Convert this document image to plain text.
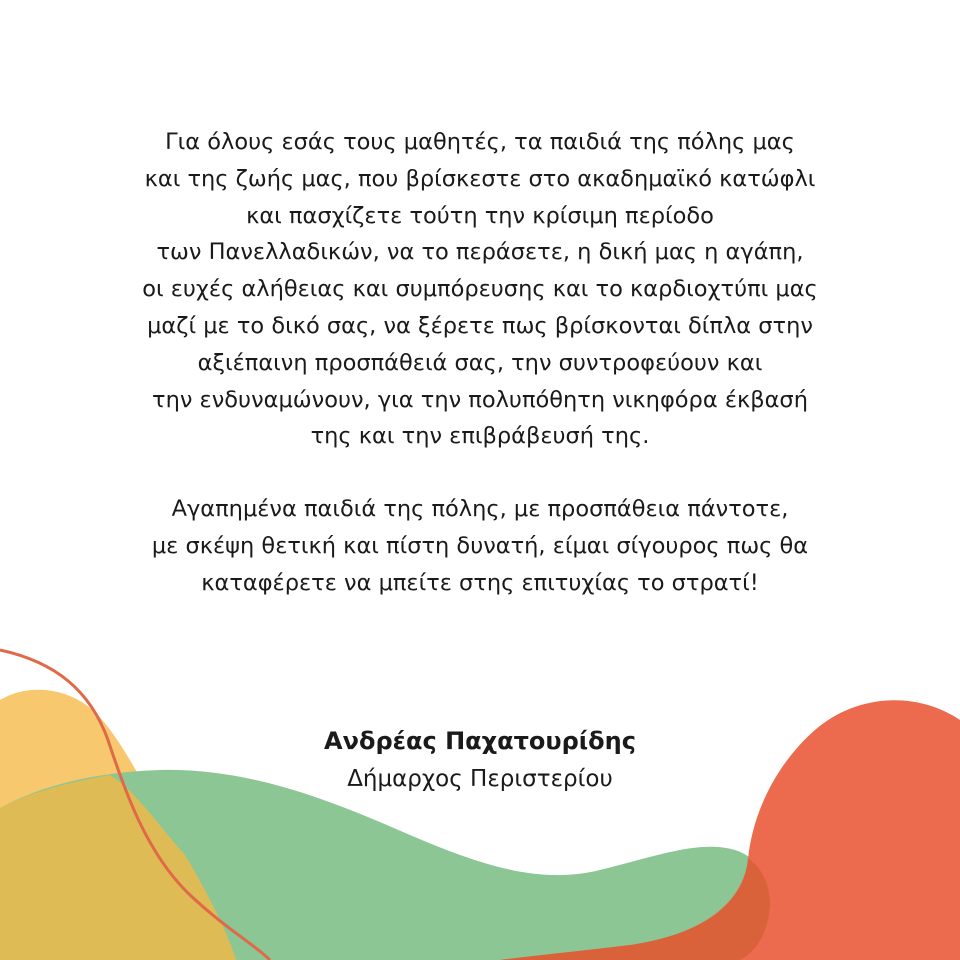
Για όλους εσάς τους μαθητές, τα παιδιά της πόλης μας
και της ζωής μας, που βρίσκεστε στο ακαδημαϊκό κατώφλι
και πασχίζετε τούτη την κρίσιμη περίοδο
των Πανελλαδικών, να το περάσετε, η δική μας η αγάπη,
οι ευχές αλήθειας και συμπόρευσης και το καρδιοχτύπι μας
μαζί με το δικό σας, να ξέρετε πως βρίσκονται δίπλα στην
αξιέπαινη προσπάθειά σας, την συντροφεύουν και
την ενδυναμώνουν, για την πολυπόθητη νικηφόρα έκβασή
της και την επιβράβευσή της.
Αγαπημένα παιδιά της πόλης, με προσπάθεια πάντοτε,
με σκέψη θετική και πίστη δυνατή, είμαι σίγουρος πως θα
καταφέρετε να μπείτε στης επιτυχίας το στρατί!
Ανδρέας Παχατουρίδης
Δήμαρχος Περιστερίου
